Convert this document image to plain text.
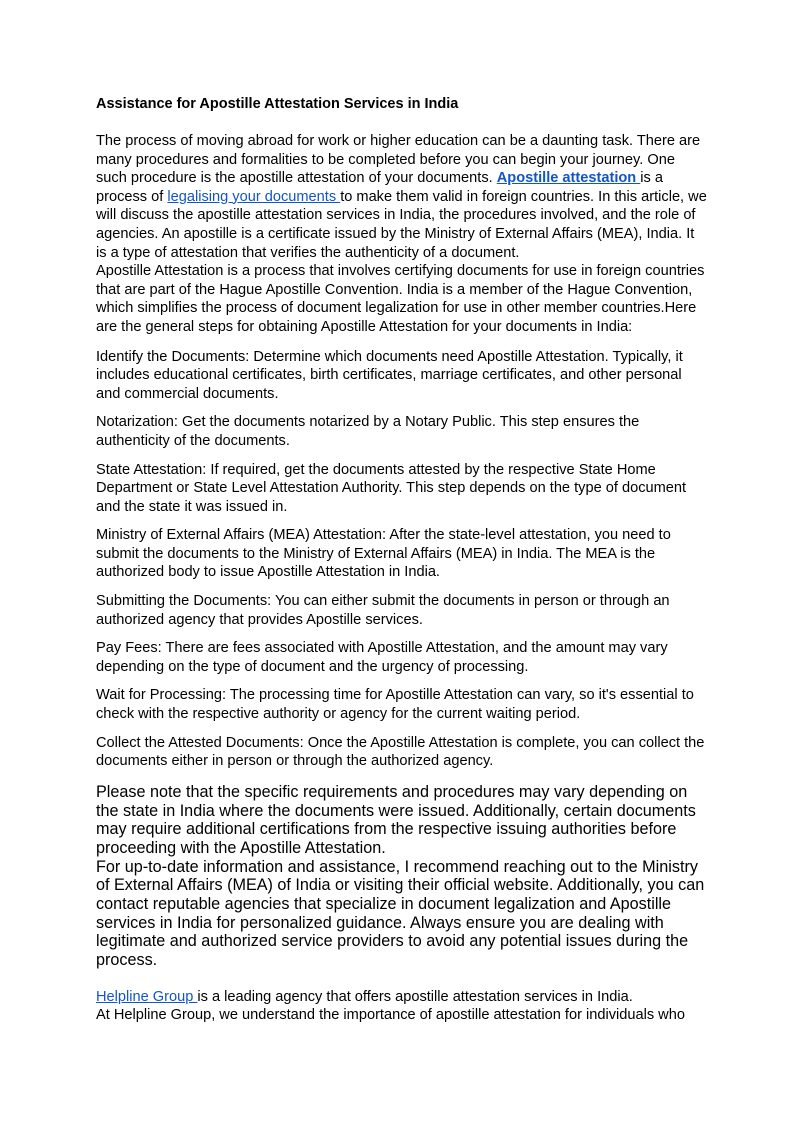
Assistance for Apostille Attestation Services in India

The process of moving abroad for work or higher education can be a daunting task. There are many procedures and formalities to be completed before you can begin your journey. One such procedure is the apostille attestation of your documents. Apostille attestation is a process of legalising your documents to make them valid in foreign countries. In this article, we will discuss the apostille attestation services in India, the procedures involved, and the role of agencies. An apostille is a certificate issued by the Ministry of External Affairs (MEA), India. It is a type of attestation that verifies the authenticity of a document.
Apostille Attestation is a process that involves certifying documents for use in foreign countries that are part of the Hague Apostille Convention. India is a member of the Hague Convention, which simplifies the process of document legalization for use in other member countries.Here are the general steps for obtaining Apostille Attestation for your documents in India:

Identify the Documents: Determine which documents need Apostille Attestation. Typically, it includes educational certificates, birth certificates, marriage certificates, and other personal and commercial documents.

Notarization: Get the documents notarized by a Notary Public. This step ensures the authenticity of the documents.

State Attestation: If required, get the documents attested by the respective State Home Department or State Level Attestation Authority. This step depends on the type of document and the state it was issued in.

Ministry of External Affairs (MEA) Attestation: After the state-level attestation, you need to submit the documents to the Ministry of External Affairs (MEA) in India. The MEA is the authorized body to issue Apostille Attestation in India.

Submitting the Documents: You can either submit the documents in person or through an authorized agency that provides Apostille services.

Pay Fees: There are fees associated with Apostille Attestation, and the amount may vary depending on the type of document and the urgency of processing.

Wait for Processing: The processing time for Apostille Attestation can vary, so it's essential to check with the respective authority or agency for the current waiting period.

Collect the Attested Documents: Once the Apostille Attestation is complete, you can collect the documents either in person or through the authorized agency.

Please note that the specific requirements and procedures may vary depending on the state in India where the documents were issued. Additionally, certain documents may require additional certifications from the respective issuing authorities before proceeding with the Apostille Attestation.
For up-to-date information and assistance, I recommend reaching out to the Ministry of External Affairs (MEA) of India or visiting their official website. Additionally, you can contact reputable agencies that specialize in document legalization and Apostille services in India for personalized guidance. Always ensure you are dealing with legitimate and authorized service providers to avoid any potential issues during the process.

Helpline Group is a leading agency that offers apostille attestation services in India.
At Helpline Group, we understand the importance of apostille attestation for individuals who
